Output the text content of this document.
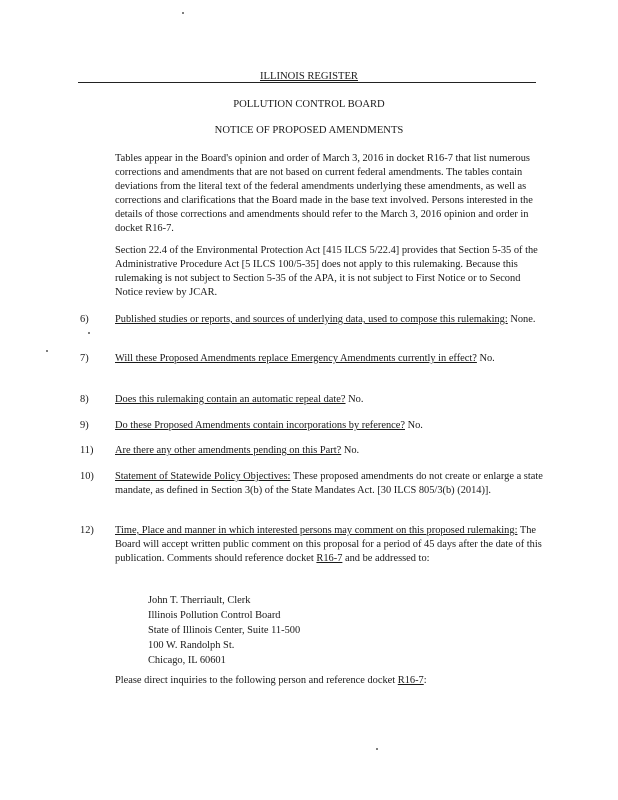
ILLINOIS REGISTER
POLLUTION CONTROL BOARD
NOTICE OF PROPOSED AMENDMENTS

Tables appear in the Board's opinion and order of March 3, 2016 in docket R16-7 that list numerous corrections and amendments that are not based on current federal amendments. The tables contain deviations from the literal text of the federal amendments underlying these amendments, as well as corrections and clarifications that the Board made in the base text involved. Persons interested in the details of those corrections and amendments should refer to the March 3, 2016 opinion and order in docket R16-7.

Section 22.4 of the Environmental Protection Act [415 ILCS 5/22.4] provides that Section 5-35 of the Administrative Procedure Act [5 ILCS 100/5-35] does not apply to this rulemaking. Because this rulemaking is not subject to Section 5-35 of the APA, it is not subject to First Notice or to Second Notice review by JCAR.

6)	Published studies or reports, and sources of underlying data, used to compose this rulemaking: None.
7)	Will these Proposed Amendments replace Emergency Amendments currently in effect? No.
8)	Does this rulemaking contain an automatic repeal date? No.
9)	Do these Proposed Amendments contain incorporations by reference? No.
11) Are there any other amendments pending on this Part? No.
10) Statement of Statewide Policy Objectives: These proposed amendments do not create or enlarge a state mandate, as defined in Section 3(b) of the State Mandates Act. [30 ILCS 805/3(b) (2014)].
12) Time, Place and manner in which interested persons may comment on this proposed rulemaking: The Board will accept written public comment on this proposal for a period of 45 days after the date of this publication. Comments should reference docket R16-7 and be addressed to:
John T. Therriault, Clerk
Illinois Pollution Control Board
State of Illinois Center, Suite 11-500
100 W. Randolph St.
Chicago, IL 60601
Please direct inquiries to the following person and reference docket R16-7:
